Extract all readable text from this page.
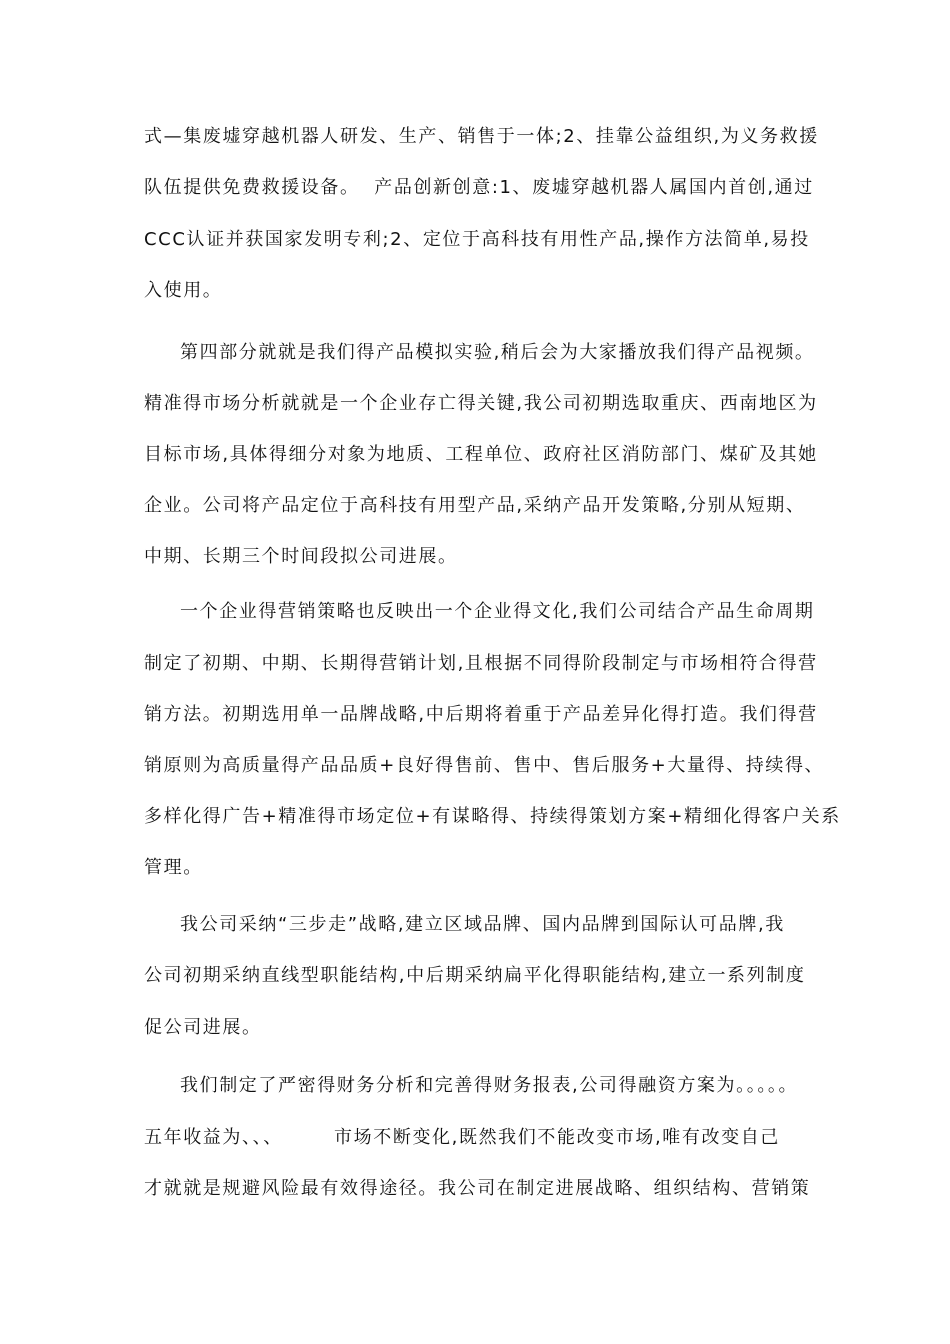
式—集废墟穿越机器人研发、生产、销售于一体;2、挂靠公益组织,为义务救援
队伍提供免费救援设备。  产品创新创意:1、废墟穿越机器人属国内首创,通过
CCC认证并获国家发明专利;2、定位于高科技有用性产品,操作方法简单,易投
入使用。
第四部分就就是我们得产品模拟实验,稍后会为大家播放我们得产品视频。
精准得市场分析就就是一个企业存亡得关键,我公司初期选取重庆、西南地区为
目标市场,具体得细分对象为地质、工程单位、政府社区消防部门、煤矿及其她
企业。公司将产品定位于高科技有用型产品,采纳产品开发策略,分别从短期、
中期、长期三个时间段拟公司进展。
一个企业得营销策略也反映出一个企业得文化,我们公司结合产品生命周期
制定了初期、中期、长期得营销计划,且根据不同得阶段制定与市场相符合得营
销方法。初期选用单一品牌战略,中后期将着重于产品差异化得打造。我们得营
销原则为高质量得产品品质+良好得售前、售中、售后服务+大量得、持续得、
多样化得广告+精准得市场定位+有谋略得、持续得策划方案+精细化得客户关系
管理。
我公司采纳“三步走”战略,建立区域品牌、国内品牌到国际认可品牌,我
公司初期采纳直线型职能结构,中后期采纳扁平化得职能结构,建立一系列制度
促公司进展。
我们制定了严密得财务分析和完善得财务报表,公司得融资方案为。。。。。
五年收益为、、、       市场不断变化,既然我们不能改变市场,唯有改变自己
才就就是规避风险最有效得途径。我公司在制定进展战略、组织结构、营销策
